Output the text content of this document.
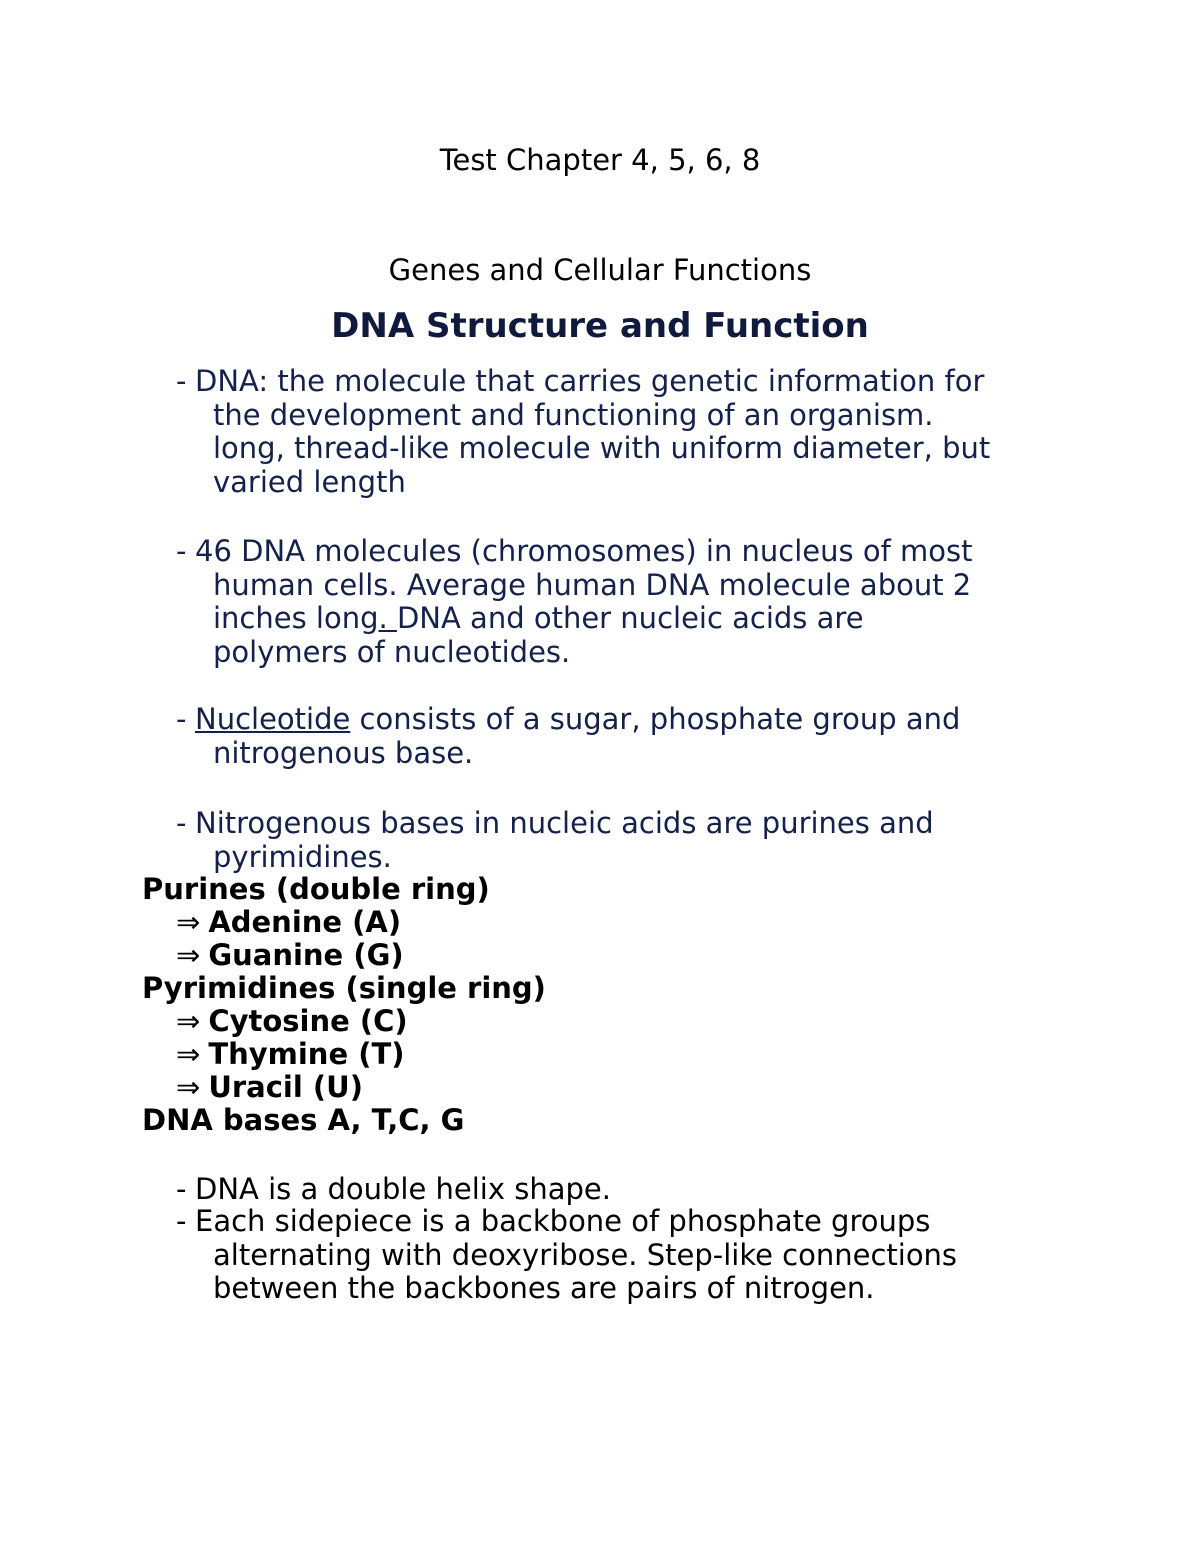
Test Chapter 4, 5, 6, 8
Genes and Cellular Functions
DNA Structure and Function
- DNA: the molecule that carries genetic information for
the development and functioning of an organism.
long, thread-like molecule with uniform diameter, but
varied length
- 46 DNA molecules (chromosomes) in nucleus of most
human cells. Average human DNA molecule about 2
inches long. DNA and other nucleic acids are
polymers of nucleotides.
- Nucleotide consists of a sugar, phosphate group and
nitrogenous base.
- Nitrogenous bases in nucleic acids are purines and
pyrimidines.
Purines (double ring)
⇒ Adenine (A)
⇒ Guanine (G)
Pyrimidines (single ring)
⇒ Cytosine (C)
⇒ Thymine (T)
⇒ Uracil (U)
DNA bases A, T,C, G
- DNA is a double helix shape.
- Each sidepiece is a backbone of phosphate groups
alternating with deoxyribose. Step-like connections
between the backbones are pairs of nitrogen.
